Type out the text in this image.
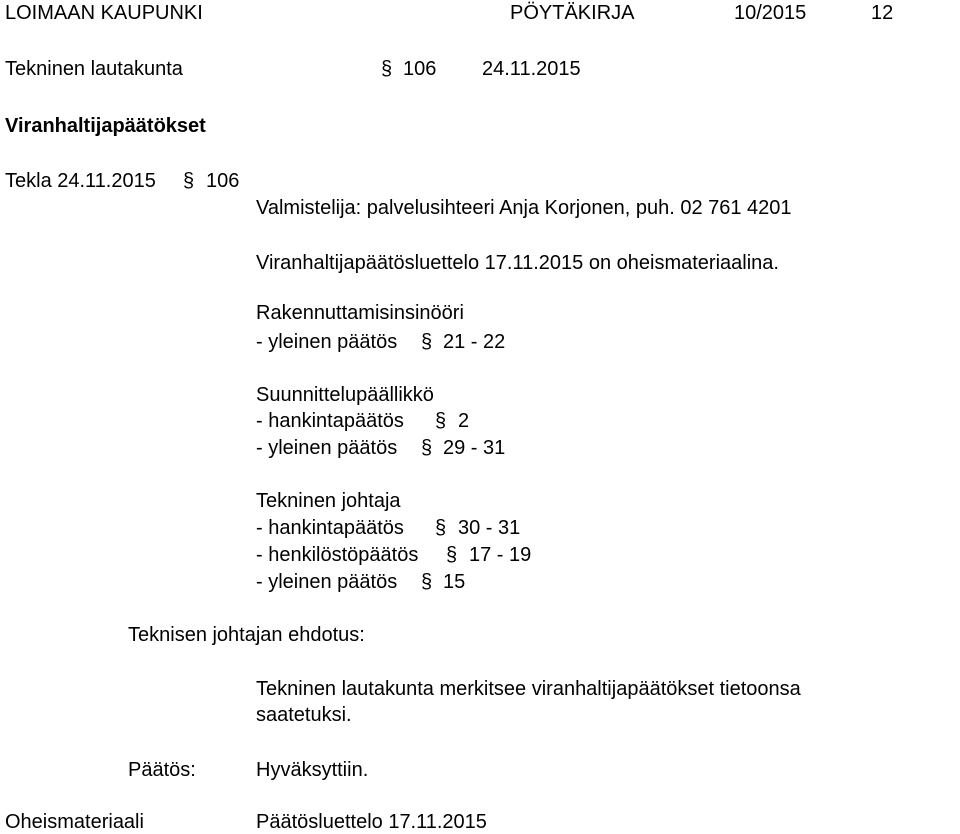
LOIMAAN KAUPUNKI	PÖYTÄKIRJA	10/2015	12
Tekninen lautakunta	§ 106 24.11.2015
Viranhaltijapäätökset
Tekla 24.11.2015 § 106
Valmistelija: palvelusihteeri Anja Korjonen, puh. 02 761 4201
Viranhaltijapäätösluettelo 17.11.2015 on oheismateriaalina.
Rakennuttamisinsinööri
- yleinen päätös § 21 - 22
Suunnittelupäällikkö
- hankintapäätös § 2
- yleinen päätös § 29 - 31
Tekninen johtaja
- hankintapäätös § 30 - 31
- henkilöstöpäätös § 17 - 19
- yleinen päätös § 15
Teknisen johtajan ehdotus:
Tekninen lautakunta merkitsee viranhaltijapäätökset tietoonsa
saatetuksi.
Päätös:	Hyväksyttiin.
Oheismateriaali	Päätösluettelo 17.11.2015
